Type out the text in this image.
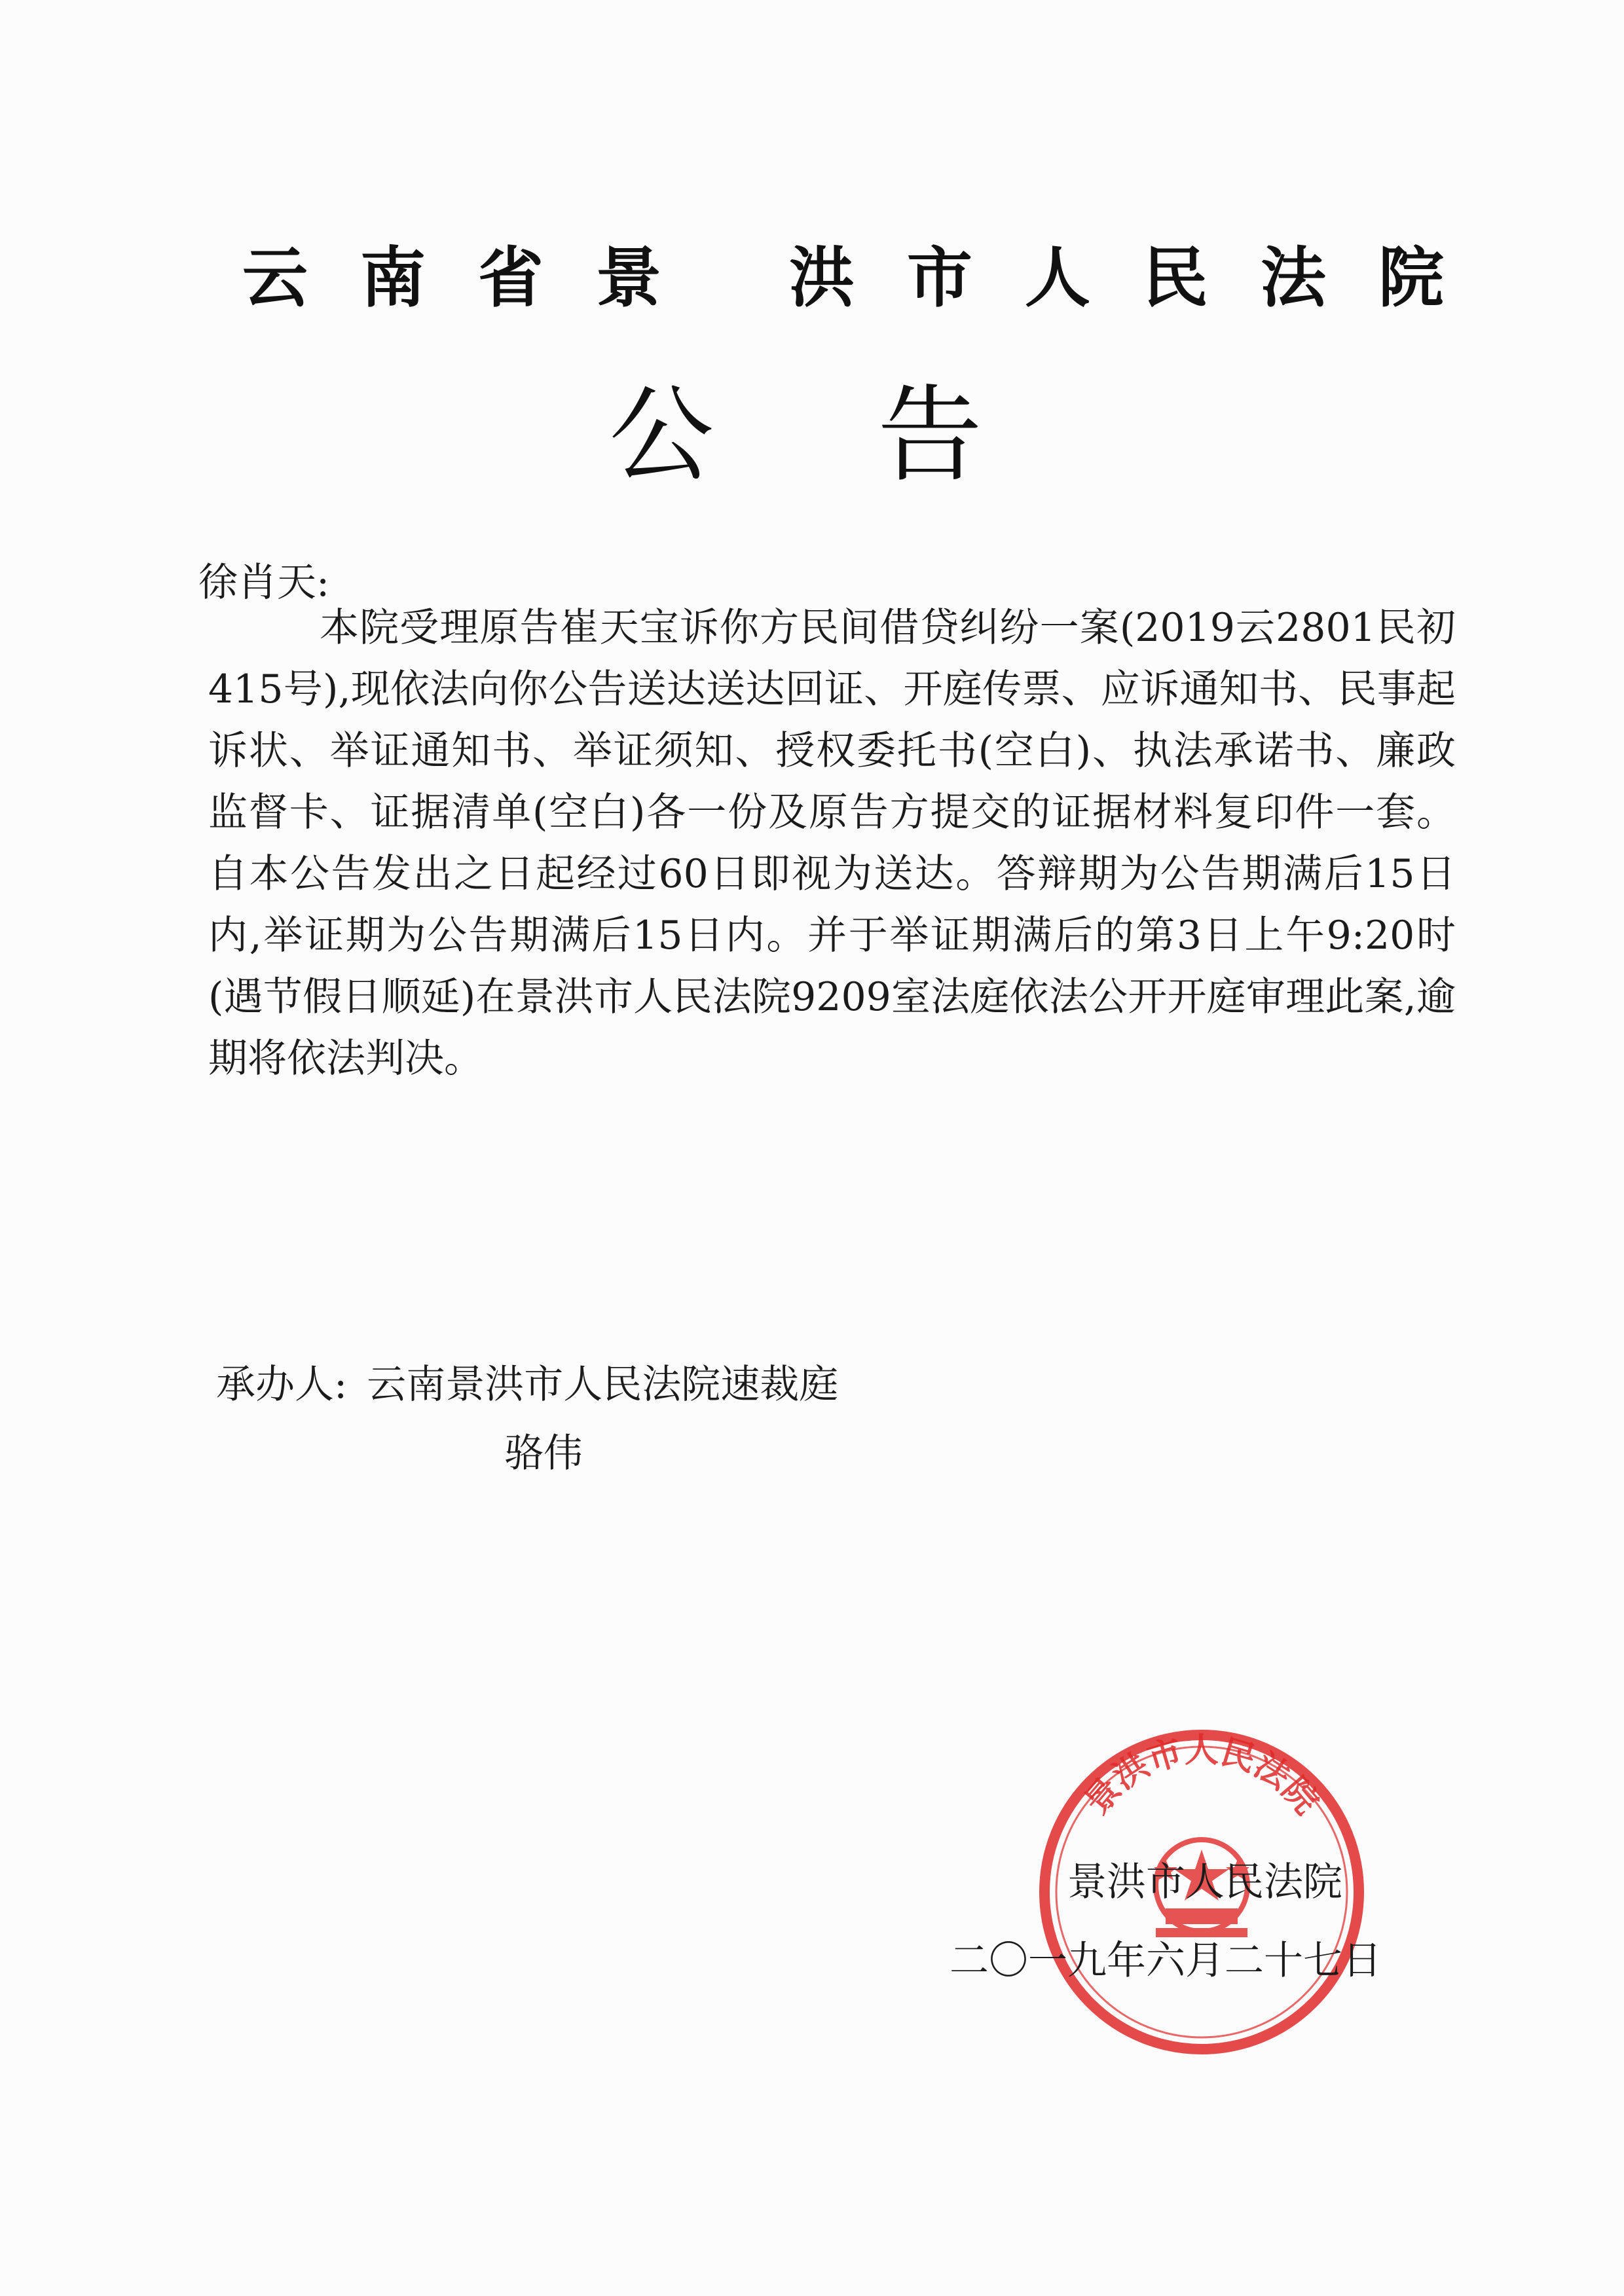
云南省景 洪市人民法院
公告
徐肖天:
本院受理原告崔天宝诉你方民间借贷纠纷一案(2019云2801民初415号),现依法向你公告送达送达回证、开庭传票、应诉通知书、民事起诉状、举证通知书、举证须知、授权委托书(空白)、执法承诺书、廉政监督卡、证据清单(空白)各一份及原告方提交的证据材料复印件一套。自本公告发出之日起经过60日即视为送达。答辩期为公告期满后15日内,举证期为公告期满后15日内。并于举证期满后的第3日上午9:20时(遇节假日顺延)在景洪市人民法院9209室法庭依法公开开庭审理此案,逾期将依法判决。
承办人: 云南景洪市人民法院速裁庭
骆伟
景洪市人民法院
景洪市人民法院
二〇一九年六月二十七日
